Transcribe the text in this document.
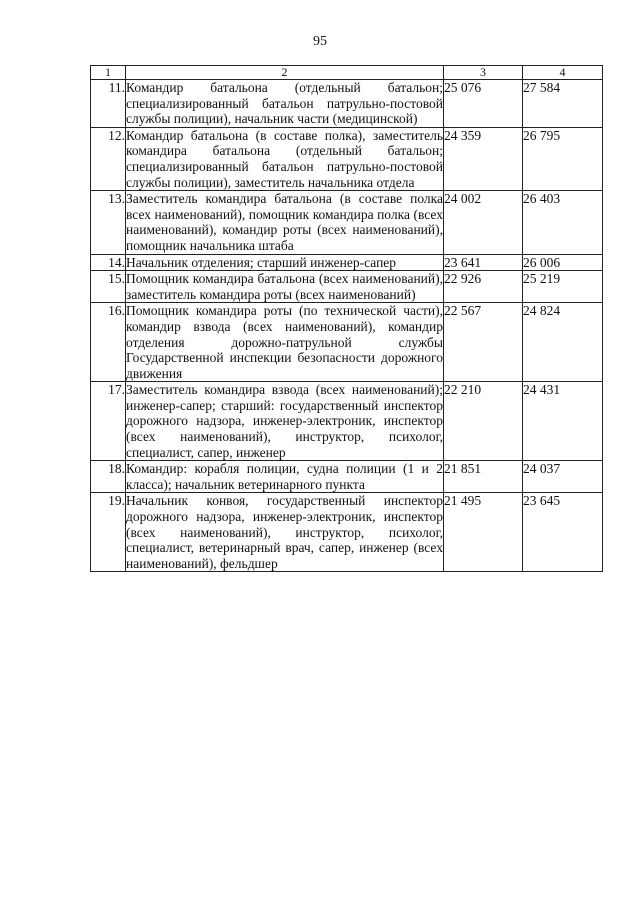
95
1	2	3	4
11.	Командир батальона (отдельный батальон; специализированный батальон патрульно-постовой службы полиции), начальник части (медицинской)	25 076	27 584
12.	Командир батальона (в составе полка), заместитель командира батальона (отдельный батальон; специализированный батальон патрульно-постовой службы полиции), заместитель начальника отдела	24 359	26 795
13.	Заместитель командира батальона (в составе полка всех наименований), помощник командира полка (всех наименований), командир роты (всех наименований), помощник начальника штаба	24 002	26 403
14.	Начальник отделения; старший инженер-сапер	23 641	26 006
15.	Помощник командира батальона (всех наименований), заместитель командира роты (всех наименований)	22 926	25 219
16.	Помощник командира роты (по технической части), командир взвода (всех наименований), командир отделения дорожно-патрульной службы Государственной инспекции безопасности дорожного движения	22 567	24 824
17.	Заместитель командира взвода (всех наименований); инженер-сапер; старший: государственный инспектор дорожного надзора, инженер-электроник, инспектор (всех наименований), инструктор, психолог, специалист, сапер, инженер	22 210	24 431
18.	Командир: корабля полиции, судна полиции (1 и 2 класса); начальник ветеринарного пункта	21 851	24 037
19.	Начальник конвоя, государственный инспектор дорожного надзора, инженер-электроник, инспектор (всех наименований), инструктор, психолог, специалист, ветеринарный врач, сапер, инженер (всех наименований), фельдшер	21 495	23 645
